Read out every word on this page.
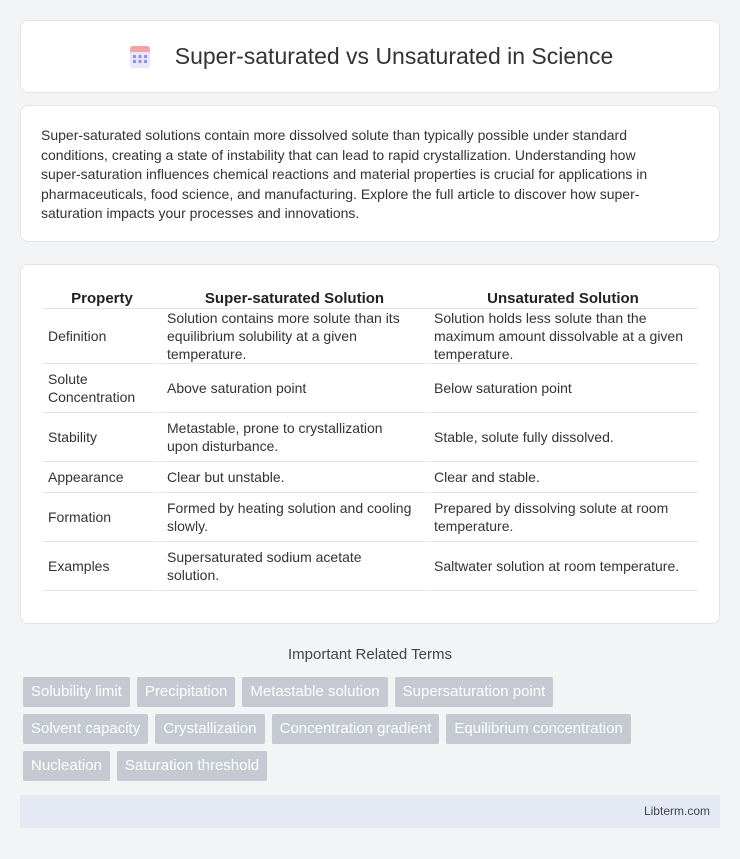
Super-saturated vs Unsaturated in Science

Super-saturated solutions contain more dissolved solute than typically possible under standard
conditions, creating a state of instability that can lead to rapid crystallization. Understanding how
super-saturation influences chemical reactions and material properties is crucial for applications in
pharmaceuticals, food science, and manufacturing. Explore the full article to discover how super-
saturation impacts your processes and innovations.

Property	Super-saturated Solution	Unsaturated Solution
Definition	Solution contains more solute than its
equilibrium solubility at a given
temperature.	Solution holds less solute than the
maximum amount dissolvable at a given
temperature.
Solute
Concentration	Above saturation point	Below saturation point
Stability	Metastable, prone to crystallization
upon disturbance.	Stable, solute fully dissolved.
Appearance	Clear but unstable.	Clear and stable.
Formation	Formed by heating solution and cooling
slowly.	Prepared by dissolving solute at room
temperature.
Examples	Supersaturated sodium acetate
solution.	Saltwater solution at room temperature.
Important Related Terms
Solubility limit	Precipitation	Metastable solution	Supersaturation point
Solvent capacity	Crystallization	Concentration gradient	Equilibrium concentration
Nucleation	Saturation threshold
Libterm.com
